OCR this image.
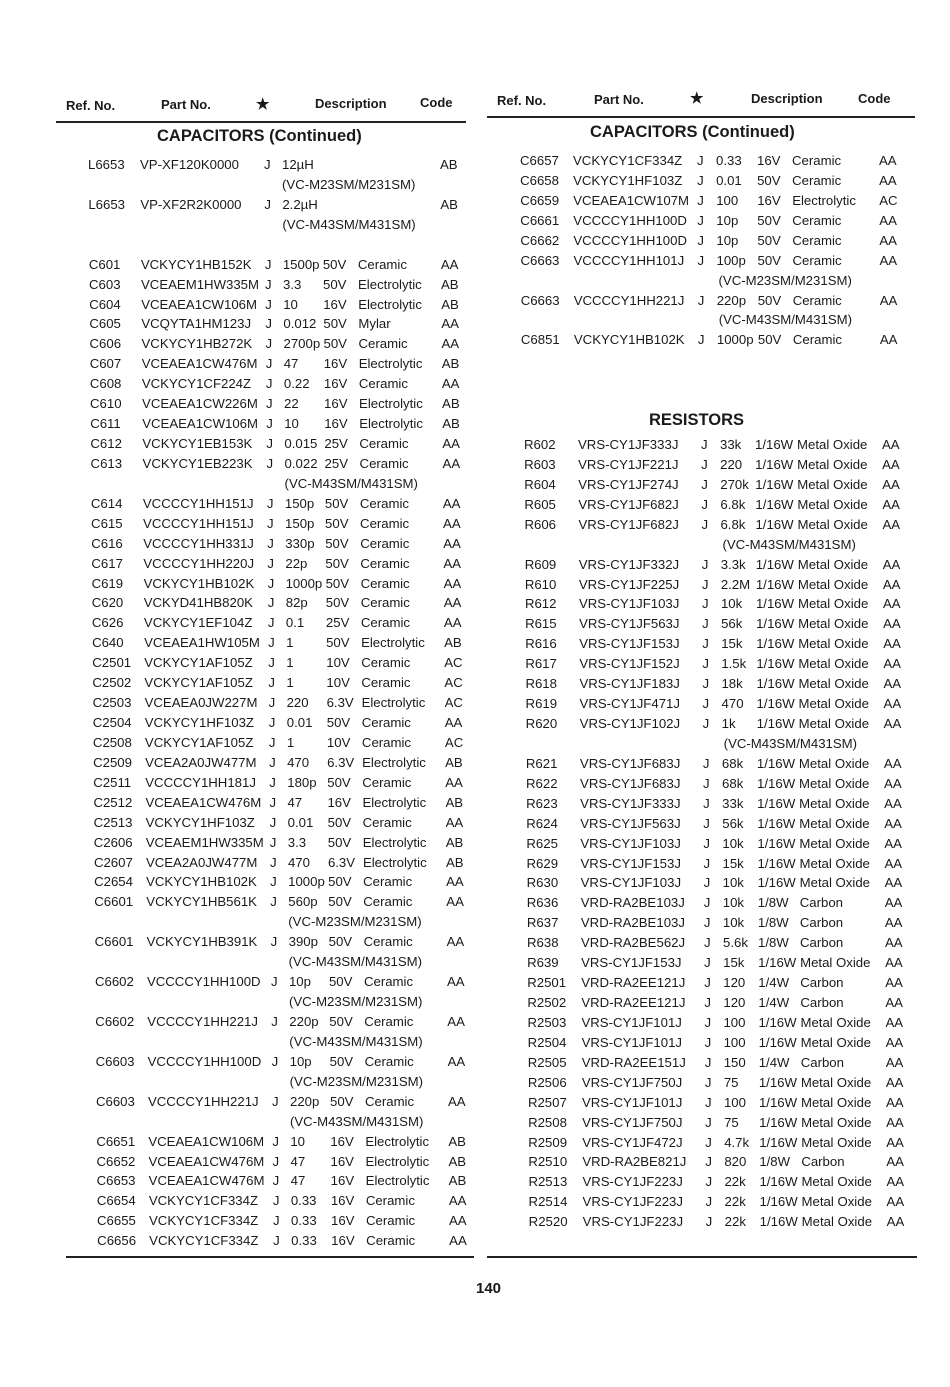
Ref. No.	Part No.	★	Description	Code
CAPACITORS (Continued)
Ref. No.	Part No.	★	Description	Code
CAPACITORS (Continued)
RESISTORS
L6653 VP-XF120K0000 J 12µH	AB
(VC-M23SM/M231SM)
L6653 VP-XF2R2K0000 J 2.2µH	AB
(VC-M43SM/M431SM)
C601 VCKYCY1HB152K J 1500p 50V Ceramic	AA
C603 VCEAEM1HW335M J 3.3 50V Electrolytic AB
C604 VCEAEA1CW106M J 10 16V Electrolytic AB
C605 VCQYTA1HM123J J 0.012 50V Mylar	AA
C606 VCKYCY1HB272K J 2700p 50V Ceramic	AA
C607 VCEAEA1CW476M J 47 16V Electrolytic AB
C608 VCKYCY1CF224Z J 0.22 16V Ceramic	AA
C610 VCEAEA1CW226M J 22 16V Electrolytic AB
C611 VCEAEA1CW106M J 10 16V Electrolytic AB
C612 VCKYCY1EB153K J 0.015 25V Ceramic	AA
C613 VCKYCY1EB223K J 0.022 25V Ceramic	AA
(VC-M43SM/M431SM)
C614 VCCCCY1HH151J J 150p 50V Ceramic	AA
C615 VCCCCY1HH151J J 150p 50V Ceramic	AA
C616 VCCCCY1HH331J J 330p 50V Ceramic	AA
C617 VCCCCY1HH220J J 22p 50V Ceramic	AA
C619 VCKYCY1HB102K J 1000p 50V Ceramic	AA
C620 VCKYD41HB820K J 82p 50V Ceramic	AA
C626 VCKYCY1EF104Z J 0.1 25V Ceramic	AA
C640 VCEAEA1HW105M J 1 50V Electrolytic AB
C2501 VCKYCY1AF105Z J 1 10V Ceramic	AC
C2502 VCKYCY1AF105Z J 1 10V Ceramic	AC
C2503 VCEAEA0JW227M J 220 6.3V Electrolytic AC
C2504 VCKYCY1HF103Z J 0.01 50V Ceramic	AA
C2508 VCKYCY1AF105Z J 1 10V Ceramic	AC
C2509 VCEA2A0JW477M J 470 6.3V Electrolytic AB
C2511 VCCCCY1HH181J J 180p 50V Ceramic	AA
C2512 VCEAEA1CW476M J 47 16V Electrolytic AB
C2513 VCKYCY1HF103Z J 0.01 50V Ceramic	AA
C2606 VCEAEM1HW335M J 3.3 50V Electrolytic AB
C2607 VCEA2A0JW477M J 470 6.3V Electrolytic AB
C2654 VCKYCY1HB102K J 1000p 50V Ceramic	AA
C6601 VCKYCY1HB561K J 560p 50V Ceramic	AA
(VC-M23SM/M231SM)
C6601 VCKYCY1HB391K J 390p 50V Ceramic	AA
(VC-M43SM/M431SM)
C6602 VCCCCY1HH100D J 10p 50V Ceramic	AA
(VC-M23SM/M231SM)
C6602 VCCCCY1HH221J J 220p 50V Ceramic	AA
(VC-M43SM/M431SM)
C6603 VCCCCY1HH100D J 10p 50V Ceramic	AA
(VC-M23SM/M231SM)
C6603 VCCCCY1HH221J J 220p 50V Ceramic	AA
(VC-M43SM/M431SM)
C6651 VCEAEA1CW106M J 10 16V Electrolytic AB
C6652 VCEAEA1CW476M J 47 16V Electrolytic AB
C6653 VCEAEA1CW476M J 47 16V Electrolytic AB
C6654 VCKYCY1CF334Z J 0.33 16V Ceramic	AA
C6655 VCKYCY1CF334Z J 0.33 16V Ceramic	AA
C6656 VCKYCY1CF334Z J 0.33 16V Ceramic	AA
C6657 VCKYCY1CF334Z J 0.33 16V Ceramic	AA
C6658 VCKYCY1HF103Z J 0.01 50V Ceramic	AA
C6659 VCEAEA1CW107M J 100 16V Electrolytic AC
C6661 VCCCCY1HH100D J 10p 50V Ceramic	AA
C6662 VCCCCY1HH100D J 10p 50V Ceramic	AA
C6663 VCCCCY1HH101J J 100p 50V Ceramic	AA
(VC-M23SM/M231SM)
C6663 VCCCCY1HH221J J 220p 50V Ceramic	AA
(VC-M43SM/M431SM)
C6851 VCKYCY1HB102K J 1000p 50V Ceramic	AA
R602 VRS-CY1JF333J J 33k 1/16W Metal Oxide AA
R603 VRS-CY1JF221J J 220 1/16W Metal Oxide AA
R604 VRS-CY1JF274J J 270k 1/16W Metal Oxide AA
R605 VRS-CY1JF682J J 6.8k 1/16W Metal Oxide AA
R606 VRS-CY1JF682J J 6.8k 1/16W Metal Oxide AA
(VC-M43SM/M431SM)
R609 VRS-CY1JF332J J 3.3k 1/16W Metal Oxide AA
R610 VRS-CY1JF225J J 2.2M 1/16W Metal Oxide AA
R612 VRS-CY1JF103J J 10k 1/16W Metal Oxide AA
R615 VRS-CY1JF563J J 56k 1/16W Metal Oxide AA
R616 VRS-CY1JF153J J 15k 1/16W Metal Oxide AA
R617 VRS-CY1JF152J J 1.5k 1/16W Metal Oxide AA
R618 VRS-CY1JF183J J 18k 1/16W Metal Oxide AA
R619 VRS-CY1JF471J J 470 1/16W Metal Oxide AA
R620 VRS-CY1JF102J J 1k 1/16W Metal Oxide AA
(VC-M43SM/M431SM)
R621 VRS-CY1JF683J J 68k 1/16W Metal Oxide AA
R622 VRS-CY1JF683J J 68k 1/16W Metal Oxide AA
R623 VRS-CY1JF333J J 33k 1/16W Metal Oxide AA
R624 VRS-CY1JF563J J 56k 1/16W Metal Oxide AA
R625 VRS-CY1JF103J J 10k 1/16W Metal Oxide AA
R629 VRS-CY1JF153J J 15k 1/16W Metal Oxide AA
R630 VRS-CY1JF103J J 10k 1/16W Metal Oxide AA
R636 VRD-RA2BE103J J 10k 1/8W Carbon	AA
R637 VRD-RA2BE103J J 10k 1/8W Carbon	AA
R638 VRD-RA2BE562J J 5.6k 1/8W Carbon	AA
R639 VRS-CY1JF153J J 15k 1/16W Metal Oxide AA
R2501 VRD-RA2EE121J J 120 1/4W Carbon	AA
R2502 VRD-RA2EE121J J 120 1/4W Carbon	AA
R2503 VRS-CY1JF101J J 100 1/16W Metal Oxide AA
R2504 VRS-CY1JF101J J 100 1/16W Metal Oxide AA
R2505 VRD-RA2EE151J J 150 1/4W Carbon	AA
R2506 VRS-CY1JF750J J 75 1/16W Metal Oxide AA
R2507 VRS-CY1JF101J J 100 1/16W Metal Oxide AA
R2508 VRS-CY1JF750J J 75 1/16W Metal Oxide AA
R2509 VRS-CY1JF472J J 4.7k 1/16W Metal Oxide AA
R2510 VRD-RA2BE821J J 820 1/8W Carbon	AA
R2513 VRS-CY1JF223J J 22k 1/16W Metal Oxide AA
R2514 VRS-CY1JF223J J 22k 1/16W Metal Oxide AA
R2520 VRS-CY1JF223J J 22k 1/16W Metal Oxide AA
140
